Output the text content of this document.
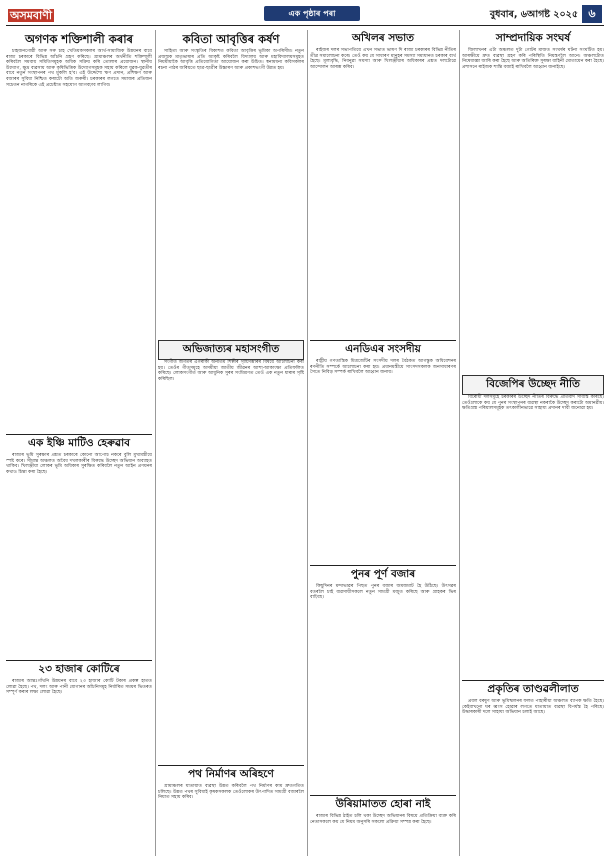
অসমবাণী	এক পৃষ্ঠাৰ পৰা	বুধবাৰ, ৬আগষ্ট ২০২৫ ৬
অগণক শক্তিশালী কৰাৰ

চাহজনগোষ্ঠী আৰু সৰু চাহ খেতিয়কসকলৰ আৰ্থ-সামাজিক উন্নয়নৰ বাবে ৰাজ্য চৰকাৰে বিভিন্ন আঁচনি গ্ৰহণ কৰিছে। গ্ৰামাঞ্চলৰ অৰ্থনীতি শক্তিশালী কৰিবলৈ সমবায় সমিতিসমূহক অধিক সক্ৰিয় কৰি তোলাৰ প্ৰয়োজন। স্থানীয় উদ্যোগ, ক্ষুদ্ৰ ব্যৱসায় আৰু কৃষিভিত্তিক উদ্যোগসমূহক সহায় কৰিলে যুৱক-যুৱতীৰ বাবে নতুন সংস্থাপনৰ পথ মুকলি হ'ব। এই উদ্দেশ্যে ঋণ প্ৰদান, প্ৰশিক্ষণ আৰু বজাৰৰ সুবিধা নিশ্চিত কৰাটো অতি জৰুৰী। চৰকাৰৰ লগতে সমাজৰ প্ৰতিজন সচেতন নাগৰিকে এই প্ৰচেষ্টাত সহযোগ আগবঢ়াব লাগিব।

এক ইঞ্চি মাটিও হেৰুৱাব

ৰাজ্যৰ ভূমি সুৰক্ষাৰ প্ৰশ্নত চৰকাৰে কোনো আপোচ নকৰে বুলি মুখ্যমন্ত্ৰীয়ে স্পষ্ট কৰে। সীমান্ত অঞ্চলত অবৈধ দখলকাৰীৰ বিৰুদ্ধে উচ্ছেদ অভিযান অব্যাহত থাকিব। খিলঞ্জীয়া লোকৰ ভূমি অধিকাৰ সুৰক্ষিত কৰিবলৈ নতুন আইন প্ৰণয়নৰ কথাও চিন্তা কৰা হৈছে।

২৩ হাজাৰ কোটিৰে

ৰাজ্যৰ আন্তঃগাঁথনি উন্নয়নৰ বাবে ২৩ হাজাৰ কোটি টকাৰ প্ৰকল্প হাতত লোৱা হৈছে। পথ, দলং আৰু পানী যোগানৰ আঁচনিসমূহ নিৰ্ধাৰিত সময়ৰ ভিতৰত সম্পূৰ্ণ কৰাৰ লক্ষ্য লোৱা হৈছে।

কবিতা আবৃত্তিৰ কৰ্ষণ

সাহিত্য আৰু সংস্কৃতিৰ বিকাশত কবিতা আবৃত্তিৰ ভূমিকা অপৰিসীম। নতুন প্ৰজন্মক মাতৃভাষাৰ প্ৰতি আকৃষ্ট কৰিবলৈ বিদ্যালয় আৰু মহাবিদ্যালয়সমূহত নিয়মীয়াকৈ আবৃত্তি প্ৰতিযোগিতা আয়োজন কৰা উচিত। স্বনামধন্য কবিসকলৰ ৰচনা পাঠৰ জৰিয়তে ছাত্ৰ-ছাত্ৰীৰ উচ্চাৰণ আৰু প্ৰকাশভংগী উন্নত হয়।

অভিজাত্যৰ মহাসংগীত

সংগীত জগতৰ এগৰাকী অন্যতম শিল্পীৰ সৃষ্টিসম্ভাৰৰ বিষয়ে আলোচনা কৰা হয়। তেওঁৰ গীতসমূহে অসমীয়া জাতীয় জীৱনৰ আশা-আকাংক্ষা প্ৰতিফলিত কৰিছে। লোকসংগীত আৰু আধুনিক সুৰৰ সংমিশ্ৰণত তেওঁ এক নতুন ধাৰাৰ সৃষ্টি কৰিছিল।

পথ নিৰ্মাণৰ অৰিহণে

গ্ৰামাঞ্চলৰ যাতায়াত ব্যৱস্থা উন্নত কৰিবলৈ পথ নিৰ্মাণৰ কাম দ্ৰুতগতিত চলিছে। উন্নত পথৰ সুবিধাই কৃষকসকলক তেওঁলোকৰ উৎপাদিত সামগ্ৰী বজাৰলৈ নিয়াত সহায় কৰিব।

অখিলৰ সভাত

ৰাইজৰ দলৰ সভাপতিয়ে এখন সভাত ভাষণ দি ৰাজ্য চৰকাৰৰ বিভিন্ন নীতিৰ তীব্ৰ সমালোচনা কৰে। তেওঁ কয় যে সাধাৰণ মানুহৰ সমস্যা সমাধানত চৰকাৰ ব্যৰ্থ হৈছে। মূল্যবৃদ্ধি, নিবনুৱা সমস্যা আৰু খিলঞ্জীয়াৰ অধিকাৰৰ প্ৰশ্নত দলটোৱে আন্দোলন আৰম্ভ কৰিব।

এনডিএৰ সংসদীয়

ৰাষ্ট্ৰীয় গণতান্ত্ৰিক মিত্ৰজোঁটৰ সংসদীয় দলৰ বৈঠকত আগন্তুক অধিবেশনৰ ৰণনীতি সম্পৰ্কে আলোচনা কৰা হয়। প্ৰধানমন্ত্ৰীয়ে সাংসদসকলক জনসাধাৰণৰ সৈতে নিবিড় সম্পৰ্ক ৰাখিবলৈ আহ্বান জনায়।

পুনৰ পূৰ্ণ বজাৰ

কিছুদিনৰ মন্দাভাৱৰ পিছত পুনৰ বজাৰ জমজমাট হৈ উঠিছে। উৎসৱৰ বতৰলৈ চাই ব্যৱসায়ীসকলে নতুন সামগ্ৰী মজুত কৰিছে আৰু গ্ৰাহকৰ ভিৰ বাঢ়িছে।

উৰিয়ামাতত হোৰা নাই

ৰাজ্যৰ বিভিন্ন ঠাইত চলি থকা উচ্ছেদ অভিযানৰ বিষয়ে প্ৰতিক্ৰিয়া ব্যক্ত কৰি নেতাসকলে কয় যে নিয়ম অনুসৰি সকলো প্ৰক্ৰিয়া সম্পন্ন কৰা হৈছে।

সাম্প্ৰদায়িক সংঘৰ্ষ

জিলাখনৰ এটা অঞ্চলত দুটা গোটৰ মাজত সংঘৰ্ষৰ ঘটনা সংঘটিত হয়। আৰক্ষীয়ে দ্ৰুত ব্যৱস্থা গ্ৰহণ কৰি পৰিস্থিতি নিয়ন্ত্ৰণলৈ আনে। অঞ্চলটোত নিষেধাজ্ঞা জাৰি কৰা হৈছে আৰু অতিৰিক্ত সুৰক্ষা বাহিনী মোতায়েন কৰা হৈছে। প্ৰশাসনে ৰাইজক শান্তি বজাই ৰাখিবলৈ আহ্বান জনাইছে।

বিজেপিৰ উচ্ছেদ নীতি

বিৰোধী দলসমূহে চৰকাৰৰ উচ্ছেদ নীতিৰ বিৰুদ্ধে প্ৰতিবাদ সাব্যস্ত কৰিছে। তেওঁলোকে কয় যে পুনৰ সংস্থাপনৰ ব্যৱস্থা নকৰাকৈ উচ্ছেদ কৰাটো অমানৱীয়। ক্ষতিগ্ৰস্ত পৰিয়ালসমূহক তৎকালীনভাৱে সাহায্য প্ৰদানৰ দাবী জনোৱা হয়।

প্ৰকৃতিৰ তাণ্ডৱলীলাত

প্ৰবল বৰষুণ আৰু ভূমিস্খলনৰ ফলত পাহাৰীয়া অঞ্চলত ব্যাপক ক্ষতি হৈছে। কেইবাখনো ঘৰ ধ্বংস হোৱাৰ লগতে যাতায়াত ব্যৱস্থা বিপৰ্যস্ত হৈ পৰিছে। উদ্ধাৰকাৰী দলে সাহায্য অভিযান চলাই আছে।
